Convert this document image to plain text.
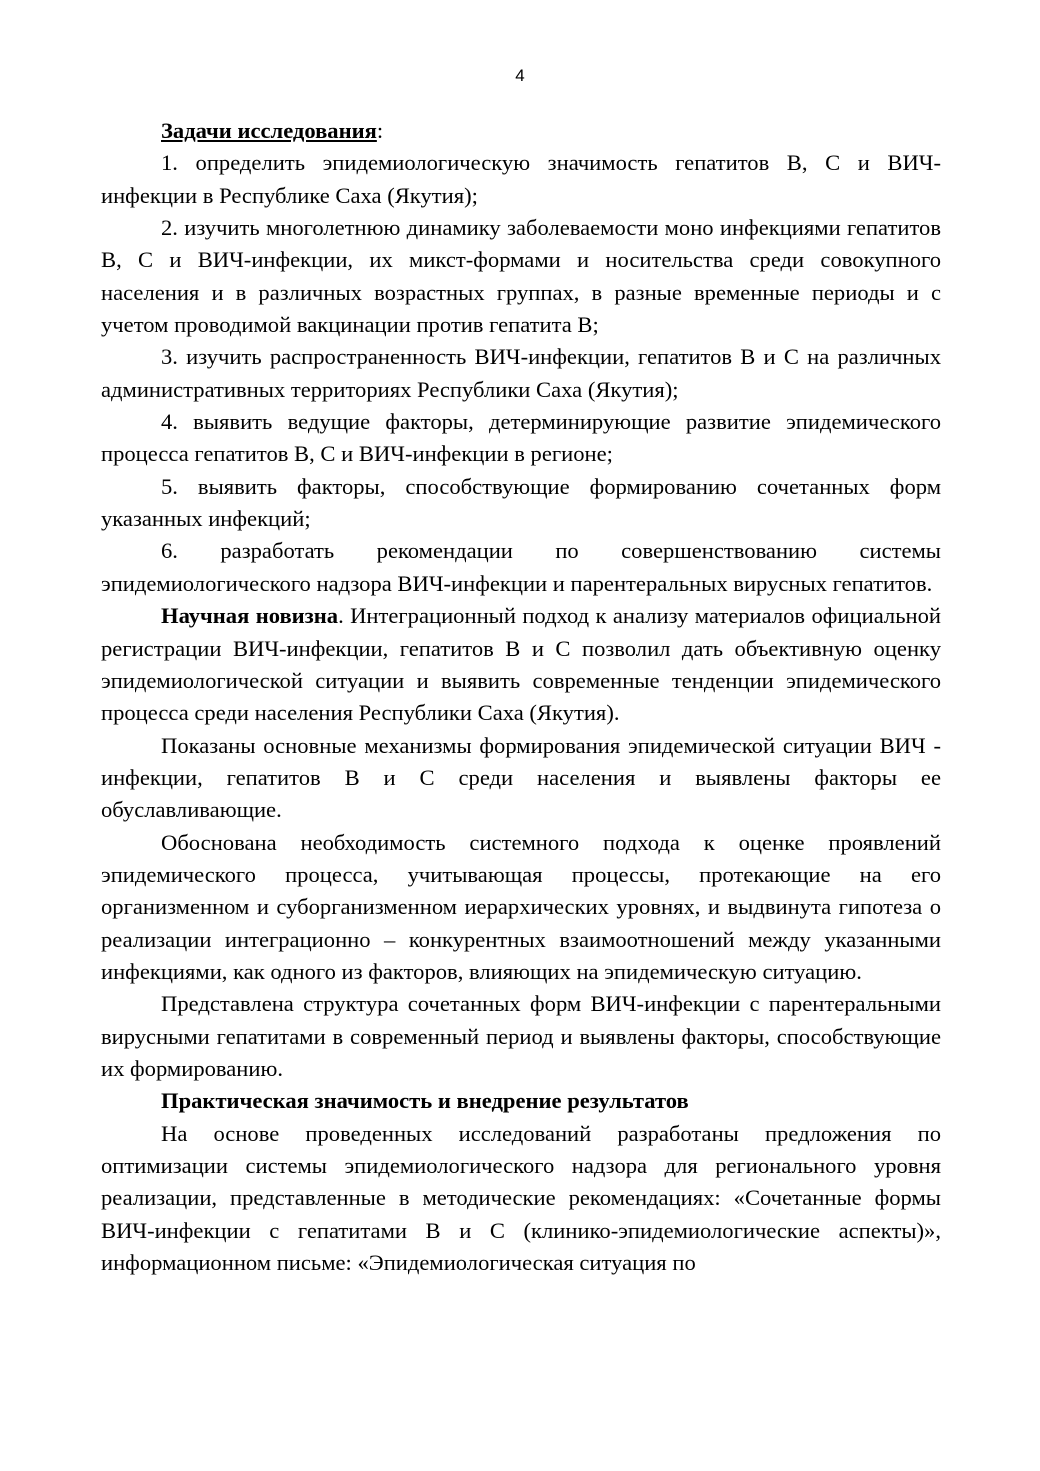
4
Задачи исследования:

1. определить эпидемиологическую значимость гепатитов В, С и ВИЧ-инфекции в Республике Саха (Якутия);

2. изучить многолетнюю динамику заболеваемости моно инфекциями гепатитов В, С и ВИЧ-инфекции, их микст-формами и носительства среди совокупного населения и в различных возрастных группах, в разные временные периоды и с учетом проводимой вакцинации против гепатита В;

3. изучить распространенность ВИЧ-инфекции, гепатитов В и С на различных административных территориях Республики Саха (Якутия);

4. выявить ведущие факторы, детерминирующие развитие эпидемического процесса гепатитов В, С и ВИЧ-инфекции в регионе;

5. выявить факторы, способствующие формированию сочетанных форм указанных инфекций;

6. разработать рекомендации по совершенствованию системы эпидемиологического надзора ВИЧ-инфекции и парентеральных вирусных гепатитов.

Научная новизна. Интеграционный подход к анализу материалов официальной регистрации ВИЧ-инфекции, гепатитов В и С позволил дать объективную оценку эпидемиологической ситуации и выявить современные тенденции эпидемического процесса среди населения Республики Саха (Якутия).

Показаны основные механизмы формирования эпидемической ситуации ВИЧ - инфекции, гепатитов В и С среди населения и выявлены факторы ее обуславливающие.

Обоснована необходимость системного подхода к оценке проявлений эпидемического процесса, учитывающая процессы, протекающие на его организменном и суборганизменном иерархических уровнях, и выдвинута гипотеза о реализации интеграционно – конкурентных взаимоотношений между указанными инфекциями, как одного из факторов, влияющих на эпидемическую ситуацию.

Представлена структура сочетанных форм ВИЧ-инфекции с парентеральными вирусными гепатитами в современный период и выявлены факторы, способствующие их формированию.

Практическая значимость и внедрение результатов

На основе проведенных исследований разработаны предложения по оптимизации системы эпидемиологического надзора для регионального уровня реализации, представленные в методические рекомендациях: «Сочетанные формы ВИЧ-инфекции с гепатитами В и С (клинико-эпидемиологические аспекты)», информационном письме: «Эпидемиологическая ситуация по
